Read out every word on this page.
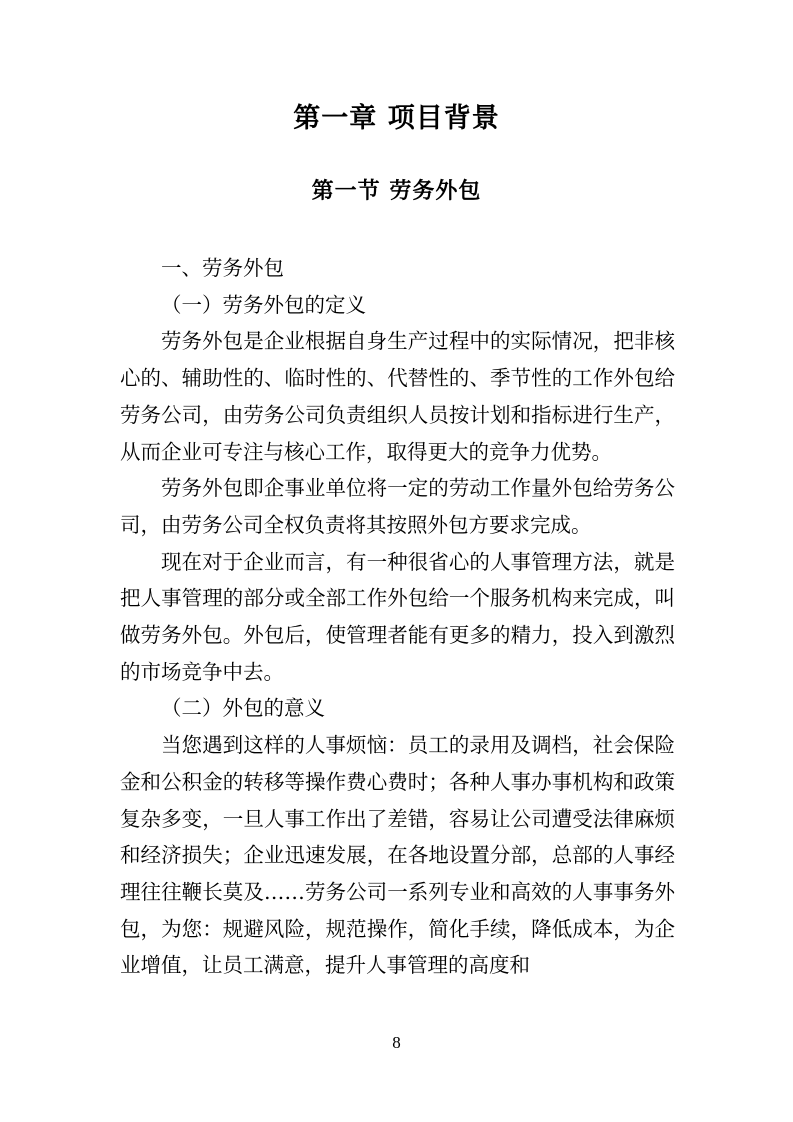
第一章 项目背景
第一节 劳务外包

一、劳务外包

（一）劳务外包的定义

劳务外包是企业根据自身生产过程中的实际情况，把非核心的、辅助性的、临时性的、代替性的、季节性的工作外包给劳务公司，由劳务公司负责组织人员按计划和指标进行生产，从而企业可专注与核心工作，取得更大的竞争力优势。

劳务外包即企事业单位将一定的劳动工作量外包给劳务公司，由劳务公司全权负责将其按照外包方要求完成。

现在对于企业而言，有一种很省心的人事管理方法，就是把人事管理的部分或全部工作外包给一个服务机构来完成，叫做劳务外包。外包后，使管理者能有更多的精力，投入到激烈的市场竞争中去。

（二）外包的意义

当您遇到这样的人事烦恼：员工的录用及调档，社会保险金和公积金的转移等操作费心费时；各种人事办事机构和政策复杂多变，一旦人事工作出了差错，容易让公司遭受法律麻烦和经济损失；企业迅速发展，在各地设置分部，总部的人事经理往往鞭长莫及……劳务公司一系列专业和高效的人事事务外包，为您：规避风险，规范操作，简化手续，降低成本，为企业增值，让员工满意，提升人事管理的高度和

8
